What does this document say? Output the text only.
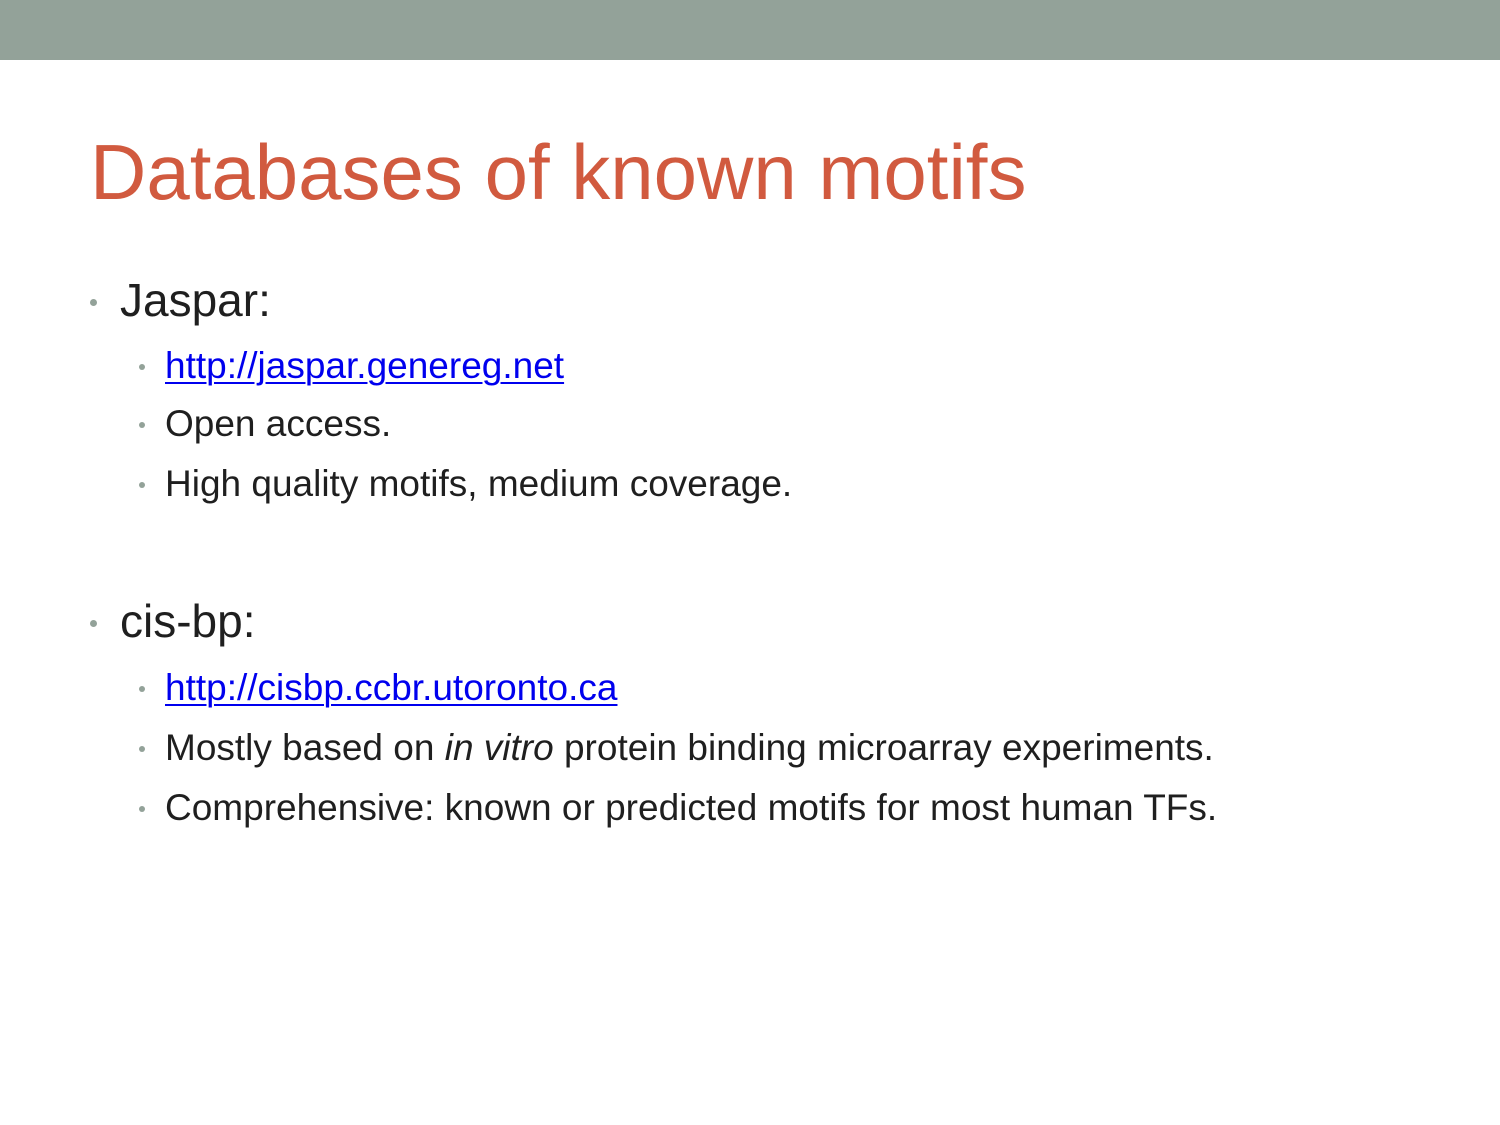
Databases of known motifs
Jaspar:
http://jaspar.genereg.net
Open access.
High quality motifs, medium coverage.
cis-bp:
http://cisbp.ccbr.utoronto.ca
Mostly based on in vitro protein binding microarray experiments.
Comprehensive: known or predicted motifs for most human TFs.
